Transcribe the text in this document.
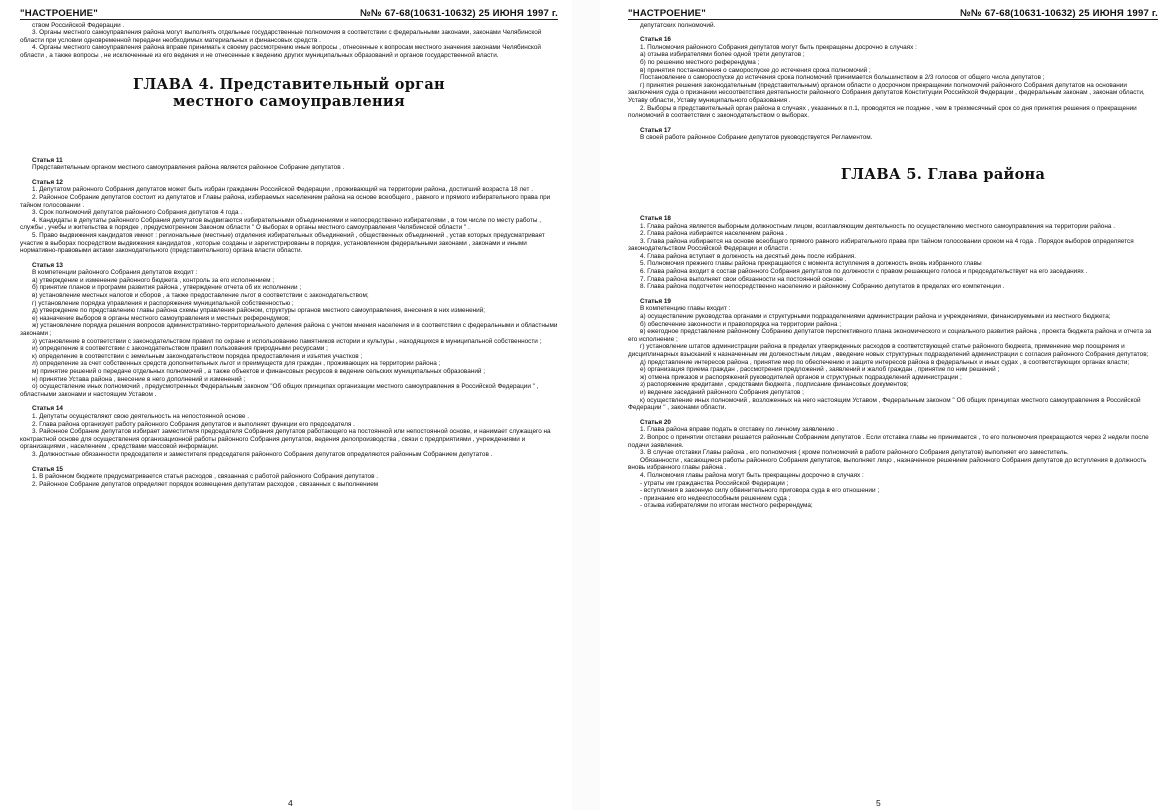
"НАСТРОЕНИЕ"	№№ 67-68(10631-10632) 25 ИЮНЯ 1997 г.

ством Российской Федерации .

3. Органы местного самоуправления района могут выполнять отдельные государственные полномочия в соответствии с федеральными законами, законами Челябинской области при условии одновременной передачи необходимых материальных и финансовых средств .

4. Органы местного самоуправления района вправе принимать к своему рассмотрению иные вопросы , отнесенные к вопросам местного значения законами Челябинской области , а также вопросы , не исключенные из его ведения и не отнесенные к ведению других муниципальных образований и органов государственной власти.

ГЛАВА 4. Представительный орган местного самоуправления
Статья 11

Представительным органом местного самоуправления района является районное Собрание депутатов .

Статья 12

1. Депутатом районного Собрания депутатов может быть избран гражданин Российской Федерации , проживающий на территории района, достигший возраста 18 лет .

2. Районное Собрание депутатов состоит из депутатов и Главы района, избираемых населением района на основе всеобщего , равного и прямого избирательного права при тайном голосовании .

3. Срок полномочий депутатов районного Собрания депутатов 4 года .

4. Кандидаты в депутаты районного Собрания депутатов выдвигаются избирательными объединениями и непосредственно избирателями , в том числе по месту работы , службы , учебы и жительства в порядке , предусмотренном Законом области " О выборах в органы местного самоуправления Челябинской области " .

5. Право выдвижения кандидатов имеют : региональные (местные) отделения избирательных объединений , общественных объединений , устав которых предусматривает участие в выборах посредством выдвижения кандидатов , которые созданы и зарегистрированы в порядке, установленном федеральными законами , законами и иными нормативно-правовыми актами законодательного (представительного) органа власти области.

Статья 13

В компетенции районного Собрания депутатов входит :

а) утверждение и изменение районного бюджета , контроль за его исполнением ;

б) принятие планов и программ развития района , утверждение отчета об их исполнении ;

в) установление местных налогов и сборов , а также предоставление льгот в соответствии с законодательством;

г) установление порядка управления и распоряжения муниципальной собственностью ;

д) утверждение по представлению главы района схемы управления районом, структуры органов местного самоуправления, внесения в них изменений;

е) назначение выборов в органы местного самоуправления и местных референдумов;

ж) установление порядка решения вопросов административно-территориального деления района с учетом мнения населения и в соответствии с федеральными и областными законами ;

з) установление в соответствии с законодательством правил по охране и использованию памятников истории и культуры , находящихся в муниципальной собственности ;

и) определение в соответствии с законодательством правил пользования природными ресурсами ;

к) определение в соответствии с земельным законодательством порядка предоставления и изъятия участков ;

л) определение за счет собственных средств дополнительных льгот и преимуществ для граждан , проживающих на территории района ;

м) принятие решений о передаче отдельных полномочий , а также объектов и финансовых ресурсов в ведение сельских муниципальных образований ;

н) принятие Устава района , внесение в него дополнений и изменений ;

о) осуществление иных полномочий , предусмотренных Федеральным законом "Об общих принципах организации местного самоуправления в Российской Федерации " , областными законами и настоящим Уставом .

Статья 14

1. Депутаты осуществляют свою деятельность на непостоянной основе .

2. Глава района организует работу районного Собрания депутатов и выполняет функции его председателя .

3. Районное Собрание депутатов избирает заместителя председателя Собрания депутатов работающего на постоянной или непостоянной основе, и нанимает служащего на контрактной основе для осуществления организационной работы районного Собрания депутатов, ведения делопроизводства , связи с предприятиями , учреждениями и организациями , населением , средствами массовой информации.

3. Должностные обязанности председателя и заместителя председателя районного Собрания депутатов определяются районным Собранием депутатов .

Статья 15

1. В районном бюджете предусматривается статья расходов , связанная с работой районного Собрания депутатов .

2. Районное Собрание депутатов определяет порядок возмещения депутатам расходов , связанных с выполнением

4
"НАСТРОЕНИЕ"	№№ 67-68(10631-10632) 25 ИЮНЯ 1997 г.

депутатских полномочий.

Статья 16

1. Полномочия районного Собрания депутатов могут быть прекращены досрочно в случаях :

а) отзыва избирателями более одной трети депутатов ;

б) по решению местного референдума ;

в) принятия постановления о самороспуске до истечения срока полномочий ;

Постановление о самороспуске до истечения срока полномочий принимается большинством в 2/3 голосов от общего числа депутатов ;

г) принятия решения законодательным (представительным) органом области о досрочном прекращении полномочий районного Собрания депутатов на основании заключения суда о признании несоответствия деятельности районного Собрания депутатов Конституции Российской Федерации , федеральным законам , законам области, Уставу области, Уставу муниципального образования .

2. Выборы в представительный орган района в случаях , указанных в п.1, проводятся не позднее , чем в трехмесячный срок со дня принятия решения о прекращении полномочий в соответствии с законодательством о выборах.

Статья 17

В своей работе районное Собрание депутатов руководствуется Регламентом.

ГЛАВА 5. Глава района
Статья 18

1. Глава района является выборным должностным лицом, возглавляющим деятельность по осуществлению местного самоуправления на территории района .

2. Глава района избирается населением района .

3. Глава района избирается на основе всеобщего прямого равного избирательного права при тайном голосовании сроком на 4 года . Порядок выборов определяется законодательством Российской Федерации и области .

4. Глава района вступает в должность на десятый день после избрания.

5. Полномочия прежнего главы района прекращаются с момента вступления в должность вновь избранного главы

6. Глава района входит в состав районного Собрания депутатов по должности с правом решающего голоса и председательствует на его заседаниях .

7. Глава района выполняет свои обязанности на постоянной основе .

8. Глава района подотчетен непосредственно населению и районному Собранию депутатов в пределах его компетенции .

Статья 19

В компетенцию главы входит :

а) осуществление руководства органами и структурными подразделениями администрации района и учреждениями, финансируемыми из местного бюджета;

б) обеспечение законности и правопорядка на территории района ;

в) ежегодное представление районному Собранию депутатов перспективного плана экономического и социального развития района , проекта бюджета района и отчета за его исполнение ;

г) установление штатов администрации района в пределах утвержденных расходов в соответствующей статье районного бюджета, применение мер поощрения и дисциплинарных взысканий к назначенным им должностным лицам , введение новых структурных подразделений администрации с согласия районного Собрания депутатов;

д) представление интересов района , принятие мер по обеспечению и защите интересов района в федеральных и иных судах , в соответствующих органах власти;

е) организация приема граждан , рассмотрения предложений , заявлений и жалоб граждан , принятие по ним решений ;

ж) отмена приказов и распоряжений руководителей органов и структурных подразделений администрации ;

з) распоряжение кредитами , средствами бюджета , подписание финансовых документов;

и) ведение заседаний районного Собрания депутатов ;

к) осуществление иных полномочий , возложенных на него настоящим Уставом , Федеральным законом " Об общих принципах местного самоуправления в Российской Федерации " , законами области.

Статья 20

1. Глава района вправе подать в отставку по личному заявлению .

2. Вопрос о принятии отставки решается районным Собранием депутатов . Если отставка главы не принимается , то его полномочия прекращаются через 2 недели после подачи заявления.

3. В случае отставки Главы района , его полномочия ( кроме полномочий в работе районного Собрания депутатов) выполняет его заместитель.

Обязанности , касающиеся работы районного Собрания депутатов, выполняет лицо , назначенное решением районного Собрания депутатов до вступления в должность вновь избранного главы района .

4. Полномочия главы района могут быть прекращены досрочно в случаях :

- утраты им гражданства Российской Федерации ;

- вступления в законную силу обвинительного приговора суда в его отношении ;

- признание его недееспособным решением суда ;

- отзыва избирателями по итогам местного референдума;

5
